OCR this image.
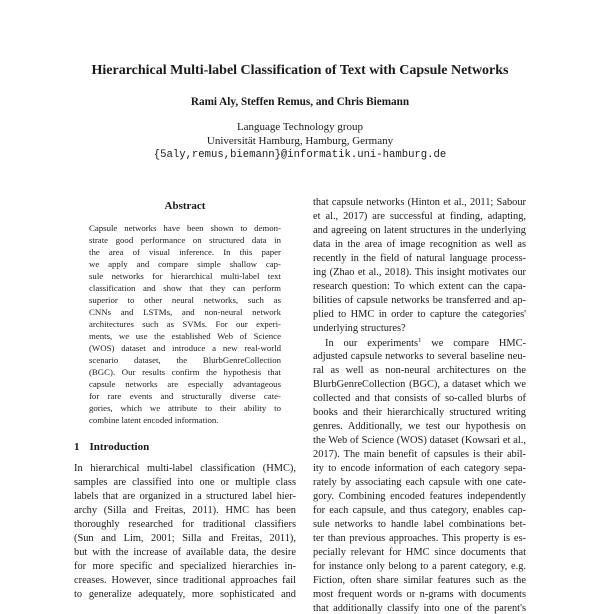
Hierarchical Multi-label Classification of Text with Capsule Networks
Rami Aly, Steffen Remus, and Chris Biemann
Language Technology group
Universität Hamburg, Hamburg, Germany
{5aly,remus,biemann}@informatik.uni-hamburg.de
Abstract
Capsule networks have been shown to demon-
strate good performance on structured data in
the area of visual inference. In this paper
we apply and compare simple shallow cap-
sule networks for hierarchical multi-label text
classification and show that they can perform
superior to other neural networks, such as
CNNs and LSTMs, and non-neural network
architectures such as SVMs. For our experi-
ments, we use the established Web of Science
(WOS) dataset and introduce a new real-world
scenario dataset, the BlurbGenreCollection
(BGC). Our results confirm the hypothesis that
capsule networks are especially advantageous
for rare events and structurally diverse cate-
gories, which we attribute to their ability to
combine latent encoded information.
1 Introduction
In hierarchical multi-label classification (HMC),
samples are classified into one or multiple class
labels that are organized in a structured label hier-
archy (Silla and Freitas, 2011). HMC has been
thoroughly researched for traditional classifiers
(Sun and Lim, 2001; Silla and Freitas, 2011),
but with the increase of available data, the desire
for more specific and specialized hierarchies in-
creases. However, since traditional approaches fail
to generalize adequately, more sophisticated and
that capsule networks (Hinton et al., 2011; Sabour
et al., 2017) are successful at finding, adapting,
and agreeing on latent structures in the underlying
data in the area of image recognition as well as
recently in the field of natural language process-
ing (Zhao et al., 2018). This insight motivates our
research question: To which extent can the capa-
bilities of capsule networks be transferred and ap-
plied to HMC in order to capture the categories'
underlying structures?
In our experiments$^1$ we compare HMC-
adjusted capsule networks to several baseline neu-
ral as well as non-neural architectures on the
BlurbGenreCollection (BGC), a dataset which we
collected and that consists of so-called blurbs of
books and their hierarchically structured writing
genres. Additionally, we test our hypothesis on
the Web of Science (WOS) dataset (Kowsari et al.,
2017). The main benefit of capsules is their abil-
ity to encode information of each category sepa-
rately by associating each capsule with one cate-
gory. Combining encoded features independently
for each capsule, and thus category, enables cap-
sule networks to handle label combinations bet-
ter than previous approaches. This property is es-
pecially relevant for HMC since documents that
for instance only belong to a parent category, e.g.
Fiction, often share similar features such as the
most frequent words or n-grams with documents
that additionally classify into one of the parent's
